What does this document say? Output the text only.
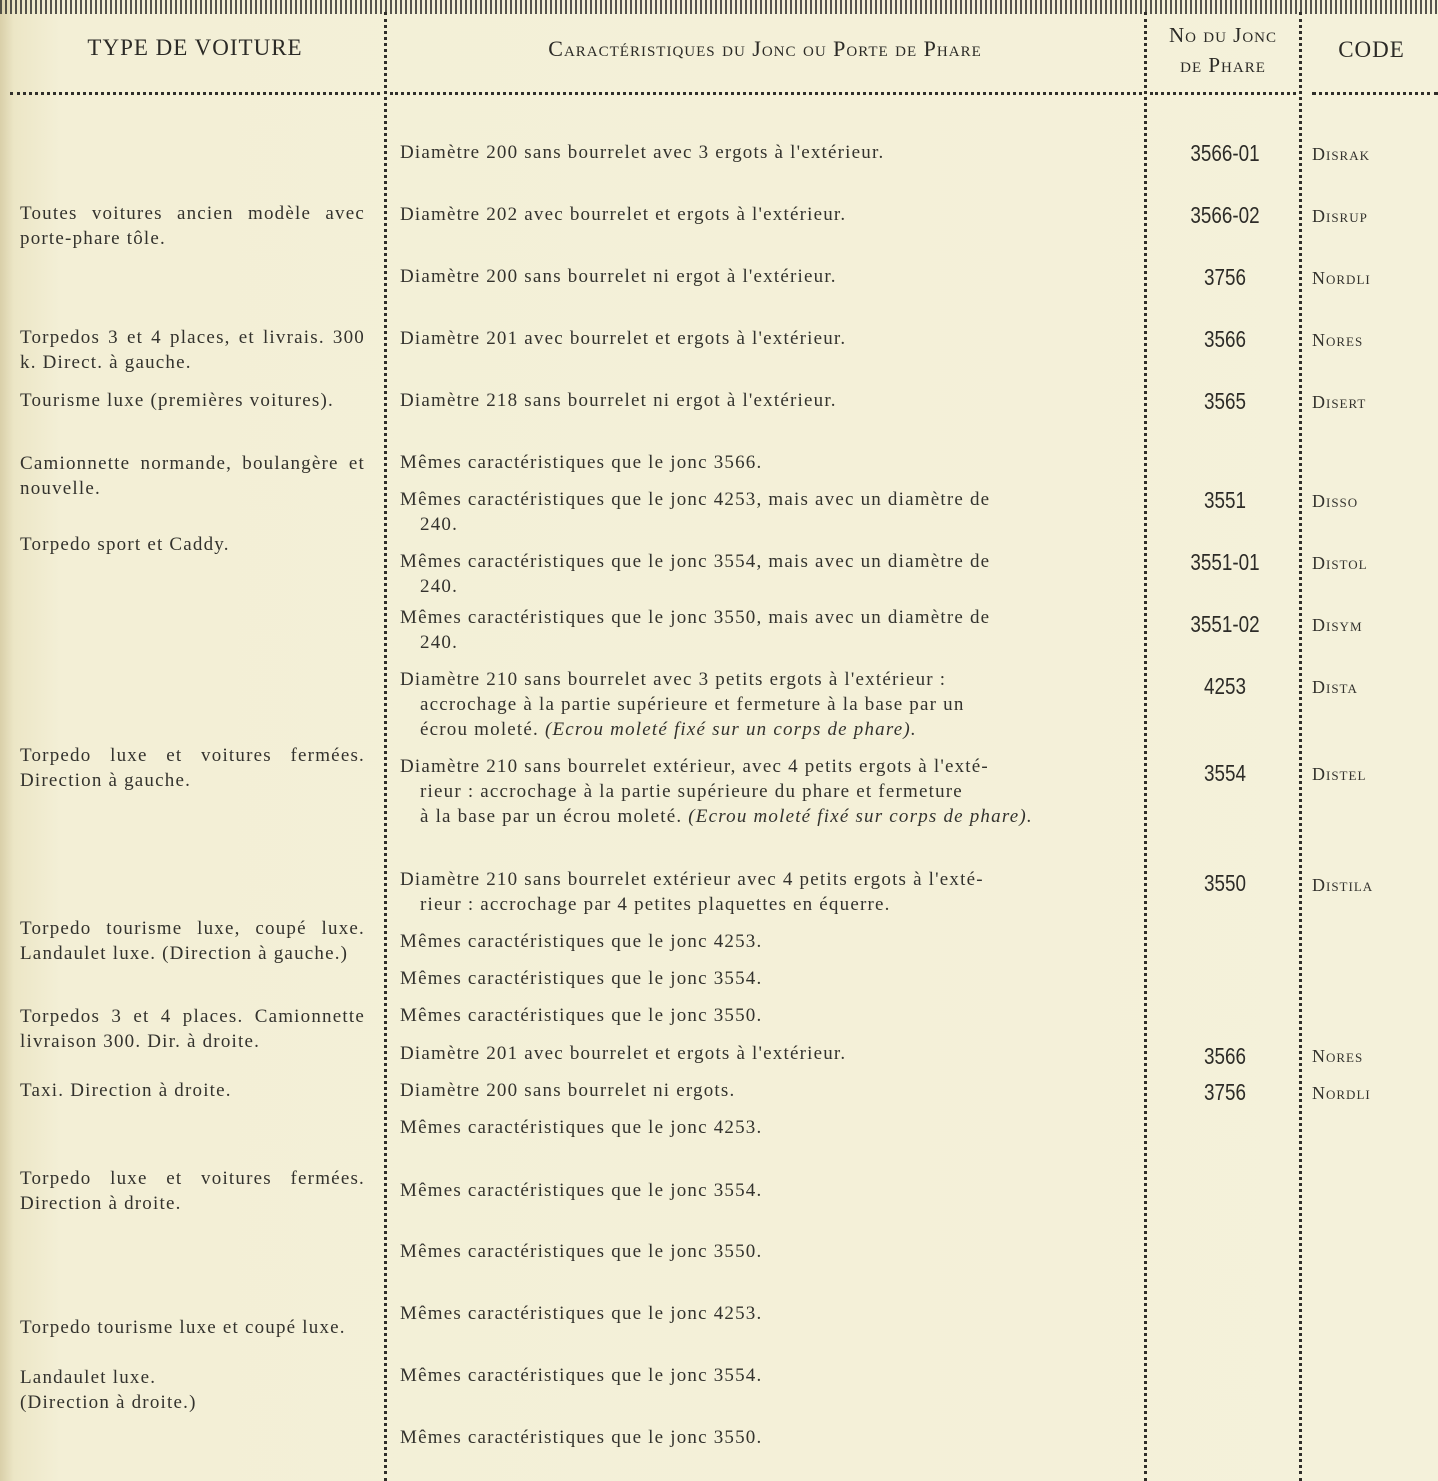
TYPE DE VOITURE	Caractéristiques du Jonc ou Porte de Phare
No du Jonc
de Phare
CODE
Toutes voitures ancien modèle avec porte-phare tôle.
Torpedos 3 et 4 places, et livrais. 300 k. Direct. à gauche.
Tourisme luxe (premières voitures).
Camionnette normande, boulangère et nouvelle.
Torpedo sport et Caddy.
Torpedo luxe et voitures fermées. Direction à gauche.
Torpedo tourisme luxe, coupé luxe. Landaulet luxe. (Direction à gauche.)
Torpedos 3 et 4 places. Camionnette livraison 300. Dir. à droite.
Taxi. Direction à droite.
Torpedo luxe et voitures fermées. Direction à droite.
Torpedo tourisme luxe et coupé luxe.
Landaulet luxe.
(Direction à droite.)
Diamètre 200 sans bourrelet avec 3 ergots à l'extérieur.
Diamètre 202 avec bourrelet et ergots à l'extérieur.
Diamètre 200 sans bourrelet ni ergot à l'extérieur.
Diamètre 201 avec bourrelet et ergots à l'extérieur.
Diamètre 218 sans bourrelet ni ergot à l'extérieur.
Mêmes caractéristiques que le jonc 3566.
Mêmes caractéristiques que le jonc 4253, mais avec un diamètre de
240.
Mêmes caractéristiques que le jonc 3554, mais avec un diamètre de
240.
Mêmes caractéristiques que le jonc 3550, mais avec un diamètre de
240.
Diamètre 210 sans bourrelet avec 3 petits ergots à l'extérieur :
accrochage à la partie supérieure et fermeture à la base par un
écrou moleté. (Ecrou moleté fixé sur un corps de phare).
Diamètre 210 sans bourrelet extérieur, avec 4 petits ergots à l'exté-
rieur : accrochage à la partie supérieure du phare et fermeture
à la base par un écrou moleté. (Ecrou moleté fixé sur corps de phare).
Diamètre 210 sans bourrelet extérieur avec 4 petits ergots à l'exté-
rieur : accrochage par 4 petites plaquettes en équerre.
Mêmes caractéristiques que le jonc 4253.
Mêmes caractéristiques que le jonc 3554.
Mêmes caractéristiques que le jonc 3550.
Diamètre 201 avec bourrelet et ergots à l'extérieur.
Diamètre 200 sans bourrelet ni ergots.
Mêmes caractéristiques que le jonc 4253.
Mêmes caractéristiques que le jonc 3554.
Mêmes caractéristiques que le jonc 3550.
Mêmes caractéristiques que le jonc 4253.
Mêmes caractéristiques que le jonc 3554.
Mêmes caractéristiques que le jonc 3550.
3566-01
3566-02
3756
3566
3565
3551
3551-01
3551-02
4253
3554
3550
3566
3756
Disrak
Disrup
Nordli
Nores
Disert
Disso
Distol
Disym
Dista
Distel
Distila
Nores
Nordli
